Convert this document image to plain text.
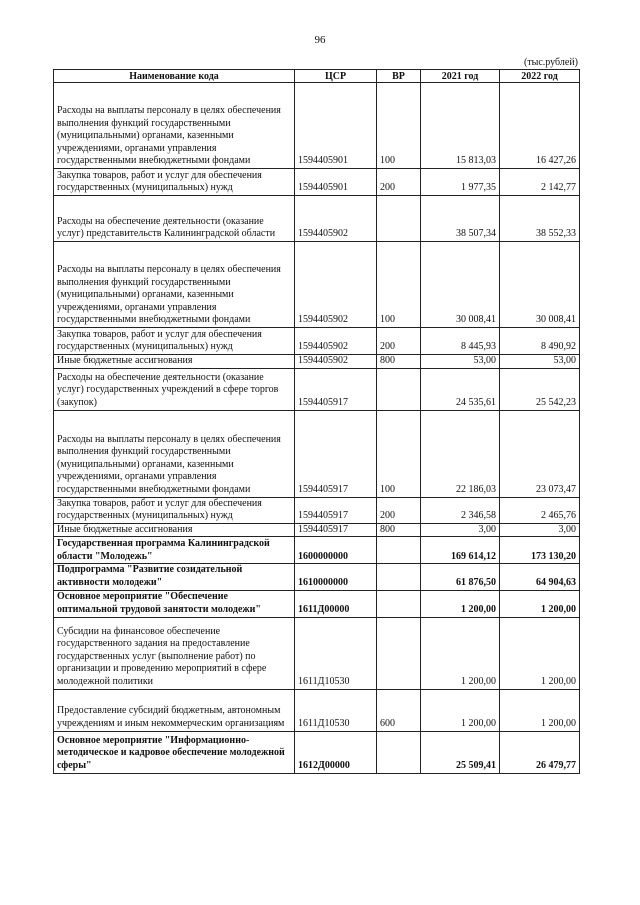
96
(тыс.рублей)
Наименование кода	ЦСР	ВР	2021 год	2022 год
Расходы на выплаты персоналу в целях обеспечения выполнения функций государственными (муниципальными) органами, казенными учреждениями, органами управления государственными внебюджетными фондами	1594405901	100	15 813,03	16 427,26
Закупка товаров, работ и услуг для обеспечения государственных (муниципальных) нужд	1594405901	200	1 977,35	2 142,77
Расходы на обеспечение деятельности (оказание услуг) представительств Калининградской области	1594405902		38 507,34	38 552,33
Расходы на выплаты персоналу в целях обеспечения выполнения функций государственными (муниципальными) органами, казенными учреждениями, органами управления государственными внебюджетными фондами	1594405902	100	30 008,41	30 008,41
Закупка товаров, работ и услуг для обеспечения государственных (муниципальных) нужд	1594405902	200	8 445,93	8 490,92
Иные бюджетные ассигнования	1594405902	800	53,00	53,00
Расходы на обеспечение деятельности (оказание услуг) государственных учреждений в сфере торгов (закупок)	1594405917		24 535,61	25 542,23
Расходы на выплаты персоналу в целях обеспечения выполнения функций государственными (муниципальными) органами, казенными учреждениями, органами управления государственными внебюджетными фондами	1594405917	100	22 186,03	23 073,47
Закупка товаров, работ и услуг для обеспечения государственных (муниципальных) нужд	1594405917	200	2 346,58	2 465,76
Иные бюджетные ассигнования	1594405917	800	3,00	3,00
Государственная программа Калининградской области "Молодежь"	1600000000		169 614,12	173 130,20
Подпрограмма "Развитие созидательной активности молодежи"	1610000000		61 876,50	64 904,63
Основное мероприятие "Обеспечение оптимальной трудовой занятости молодежи"	1611Д00000		1 200,00	1 200,00
Субсидии на финансовое обеспечение государственного задания на предоставление государственных услуг (выполнение работ) по организации и проведению мероприятий в сфере молодежной политики	1611Д10530		1 200,00	1 200,00
Предоставление субсидий бюджетным, автономным учреждениям и иным некоммерческим организациям	1611Д10530	600	1 200,00	1 200,00
Основное мероприятие "Информационно-методическое и кадровое обеспечение молодежной сферы"	1612Д00000		25 509,41	26 479,77
